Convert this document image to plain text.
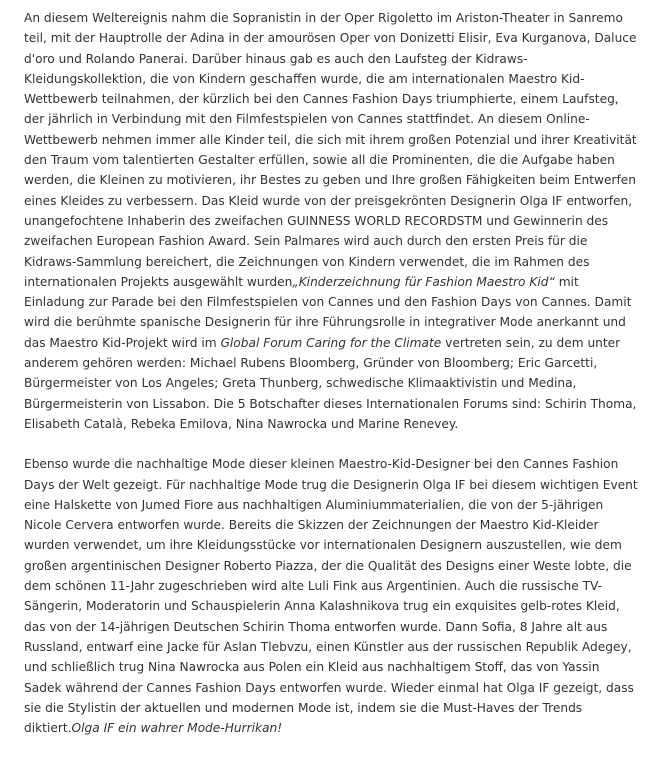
An diesem Weltereignis nahm die Sopranistin in der Oper Rigoletto im Ariston-Theater in Sanremo teil, mit der Hauptrolle der Adina in der amourösen Oper von Donizetti Elisir, Eva Kurganova, Daluce d'oro und Rolando Panerai. Darüber hinaus gab es auch den Laufsteg der Kidraws-Kleidungskollektion, die von Kindern geschaffen wurde, die am internationalen Maestro Kid-Wettbewerb teilnahmen, der kürzlich bei den Cannes Fashion Days triumphierte, einem Laufsteg, der jährlich in Verbindung mit den Filmfestspielen von Cannes stattfindet. An diesem Online-Wettbewerb nehmen immer alle Kinder teil, die sich mit ihrem großen Potenzial und ihrer Kreativität den Traum vom talentierten Gestalter erfüllen, sowie all die Prominenten, die die Aufgabe haben werden, die Kleinen zu motivieren, ihr Bestes zu geben und Ihre großen Fähigkeiten beim Entwerfen eines Kleides zu verbessern. Das Kleid wurde von der preisgekrönten Designerin Olga IF entworfen, unangefochtene Inhaberin des zweifachen GUINNESS WORLD RECORDSTM und Gewinnerin des zweifachen European Fashion Award. Sein Palmares wird auch durch den ersten Preis für die Kidraws-Sammlung bereichert, die Zeichnungen von Kindern verwendet, die im Rahmen des internationalen Projekts ausgewählt wurden„Kinderzeichnung für Fashion Maestro Kid“ mit Einladung zur Parade bei den Filmfestspielen von Cannes und den Fashion Days von Cannes. Damit wird die berühmte spanische Designerin für ihre Führungsrolle in integrativer Mode anerkannt und das Maestro Kid-Projekt wird im Global Forum Caring for the Climate vertreten sein, zu dem unter anderem gehören werden: Michael Rubens Bloomberg, Gründer von Bloomberg; Eric Garcetti, Bürgermeister von Los Angeles; Greta Thunberg, schwedische Klimaaktivistin und Medina, Bürgermeisterin von Lissabon. Die 5 Botschafter dieses Internationalen Forums sind: Schirin Thoma, Elisabeth Català, Rebeka Emilova, Nina Nawrocka und Marine Renevey.

Ebenso wurde die nachhaltige Mode dieser kleinen Maestro-Kid-Designer bei den Cannes Fashion Days der Welt gezeigt. Für nachhaltige Mode trug die Designerin Olga IF bei diesem wichtigen Event eine Halskette von Jumed Fiore aus nachhaltigen Aluminiummaterialien, die von der 5-jährigen Nicole Cervera entworfen wurde. Bereits die Skizzen der Zeichnungen der Maestro Kid-Kleider wurden verwendet, um ihre Kleidungsstücke vor internationalen Designern auszustellen, wie dem großen argentinischen Designer Roberto Piazza, der die Qualität des Designs einer Weste lobte, die dem schönen 11-Jahr zugeschrieben wird alte Luli Fink aus Argentinien. Auch die russische TV-Sängerin, Moderatorin und Schauspielerin Anna Kalashnikova trug ein exquisites gelb-rotes Kleid, das von der 14-jährigen Deutschen Schirin Thoma entworfen wurde. Dann Sofia, 8 Jahre alt aus Russland, entwarf eine Jacke für Aslan Tlebvzu, einen Künstler aus der russischen Republik Adegey, und schließlich trug Nina Nawrocka aus Polen ein Kleid aus nachhaltigem Stoff, das von Yassin Sadek während der Cannes Fashion Days entworfen wurde. Wieder einmal hat Olga IF gezeigt, dass sie die Stylistin der aktuellen und modernen Mode ist, indem sie die Must-Haves der Trends diktiert.Olga IF ein wahrer Mode-Hurrikan!
